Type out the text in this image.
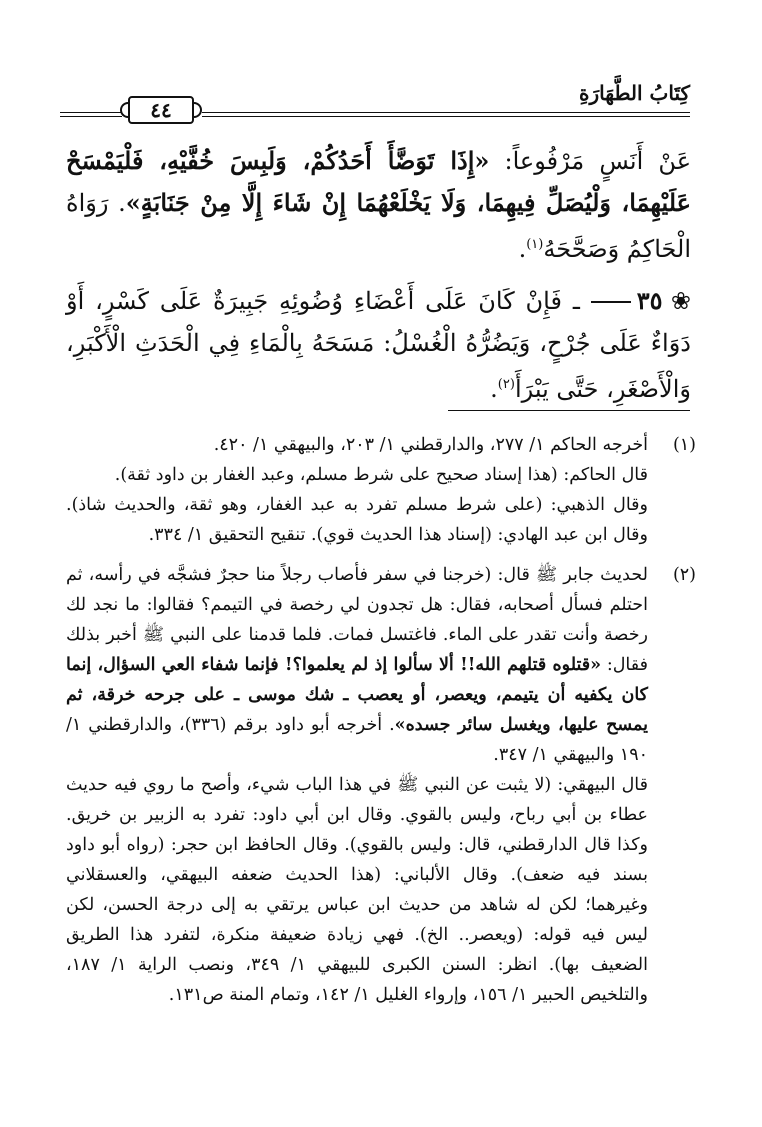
كِتَابُ الطَّهَارَةِ
٤٤

عَنْ أَنَسٍ مَرْفُوعاً: «إِذَا تَوَضَّأَ أَحَدُكُمْ، وَلَبِسَ خُفَّيْهِ، فَلْيَمْسَحْ عَلَيْهِمَا، وَلْيُصَلِّ فِيهِمَا، وَلَا يَخْلَعْهُمَا إِنْ شَاءَ إِلَّا مِنْ جَنَابَةٍ». رَوَاهُ الْحَاكِمُ وَصَحَّحَهُ$^{(١)}$.

❀ ٣٥
ـ فَإِنْ كَانَ عَلَى أَعْضَاءِ وُضُوئِهِ جَبِيرَةٌ عَلَى كَسْرٍ، أَوْ دَوَاءٌ عَلَى جُرْحٍ، وَيَضُرُّهُ الْغُسْلُ: مَسَحَهُ بِالْمَاءِ فِي الْحَدَثِ الْأَكْبَرِ، وَالْأَصْغَرِ، حَتَّى يَبْرَأَ$^{(٢)}$.

(١)

أخرجه الحاكم ١/ ٢٧٧، والدارقطني ١/ ٢٠٣، والبيهقي ١/ ٤٢٠.

قال الحاكم: (هذا إسناد صحيح على شرط مسلم، وعبد الغفار بن داود ثقة).

وقال الذهبي: (على شرط مسلم تفرد به عبد الغفار، وهو ثقة، والحديث شاذ). وقال ابن عبد الهادي: (إسناد هذا الحديث قوي). تنقيح التحقيق ١/ ٣٣٤.

(٢)

لحديث جابر ﷺ قال: (خرجنا في سفر فأصاب رجلاً منا حجرٌ فشجَّه في رأسه، ثم احتلم فسأل أصحابه، فقال: هل تجدون لي رخصة في التيمم؟ فقالوا: ما نجد لك رخصة وأنت تقدر على الماء. فاغتسل فمات. فلما قدمنا على النبي ﷺ أخبر بذلك فقال: «قتلوه قتلهم الله!! ألا سألوا إذ لم يعلموا؟! فإنما شفاء العي السؤال، إنما كان يكفيه أن يتيمم، ويعصر، أو يعصب ـ شك موسى ـ على جرحه خرقة، ثم يمسح عليها، ويغسل سائر جسده». أخرجه أبو داود برقم (٣٣٦)، والدارقطني ١/ ١٩٠ والبيهقي ١/ ٣٤٧.

قال البيهقي: (لا يثبت عن النبي ﷺ في هذا الباب شيء، وأصح ما روي فيه حديث عطاء بن أبي رباح، وليس بالقوي. وقال ابن أبي داود: تفرد به الزبير بن خريق. وكذا قال الدارقطني، قال: وليس بالقوي). وقال الحافظ ابن حجر: (رواه أبو داود بسند فيه ضعف). وقال الألباني: (هذا الحديث ضعفه البيهقي، والعسقلاني وغيرهما؛ لكن له شاهد من حديث ابن عباس يرتقي به إلى درجة الحسن، لكن ليس فيه قوله: (ويعصر.. الخ). فهي زيادة ضعيفة منكرة، لتفرد هذا الطريق الضعيف بها). انظر: السنن الكبرى للبيهقي ١/ ٣٤٩، ونصب الراية ١/ ١٨٧، والتلخيص الحبير ١/ ١٥٦، وإرواء الغليل ١/ ١٤٢، وتمام المنة ص١٣١.
